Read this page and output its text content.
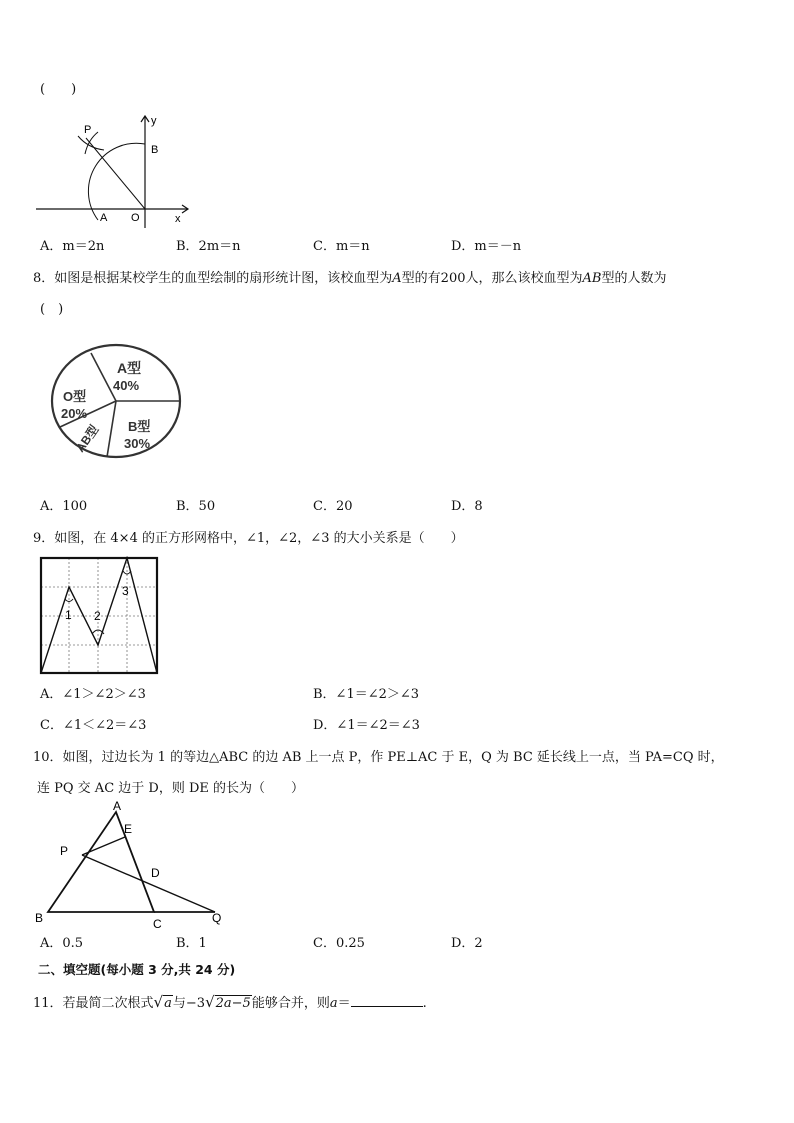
(　　)
P
y
B
A O	x
A．m＝2n	B．2m＝n	C．m＝n	D．m＝－n
8．如图是根据某校学生的血型绘制的扇形统计图，该校血型为A型的有200人，那么该校血型为AB型的人数为
(　)
A型
40%
O型
20%
B型
30%
AB型
A．100	B．50	C．20	D．8
9．如图，在 4×4 的正方形网格中，∠1，∠2，∠3 的大小关系是（　　）
1 2
3
A．∠1＞∠2＞∠3	B．∠1＝∠2＞∠3
C．∠1＜∠2＝∠3	D．∠1＝∠2＝∠3
10．如图，过边长为 1 的等边△ABC 的边 AB 上一点 P，作 PE⊥AC 于 E，Q 为 BC 延长线上一点，当 PA=CQ 时，
连 PQ 交 AC 边于 D，则 DE 的长为（　　）
A
E
P
D
B	C	Q
A．0.5	B．1	C．0.25	D．2
二、填空题(每小题 3 分,共 24 分)
11．若最简二次根式√a与−3√2a−5能够合并，则a＝	.
